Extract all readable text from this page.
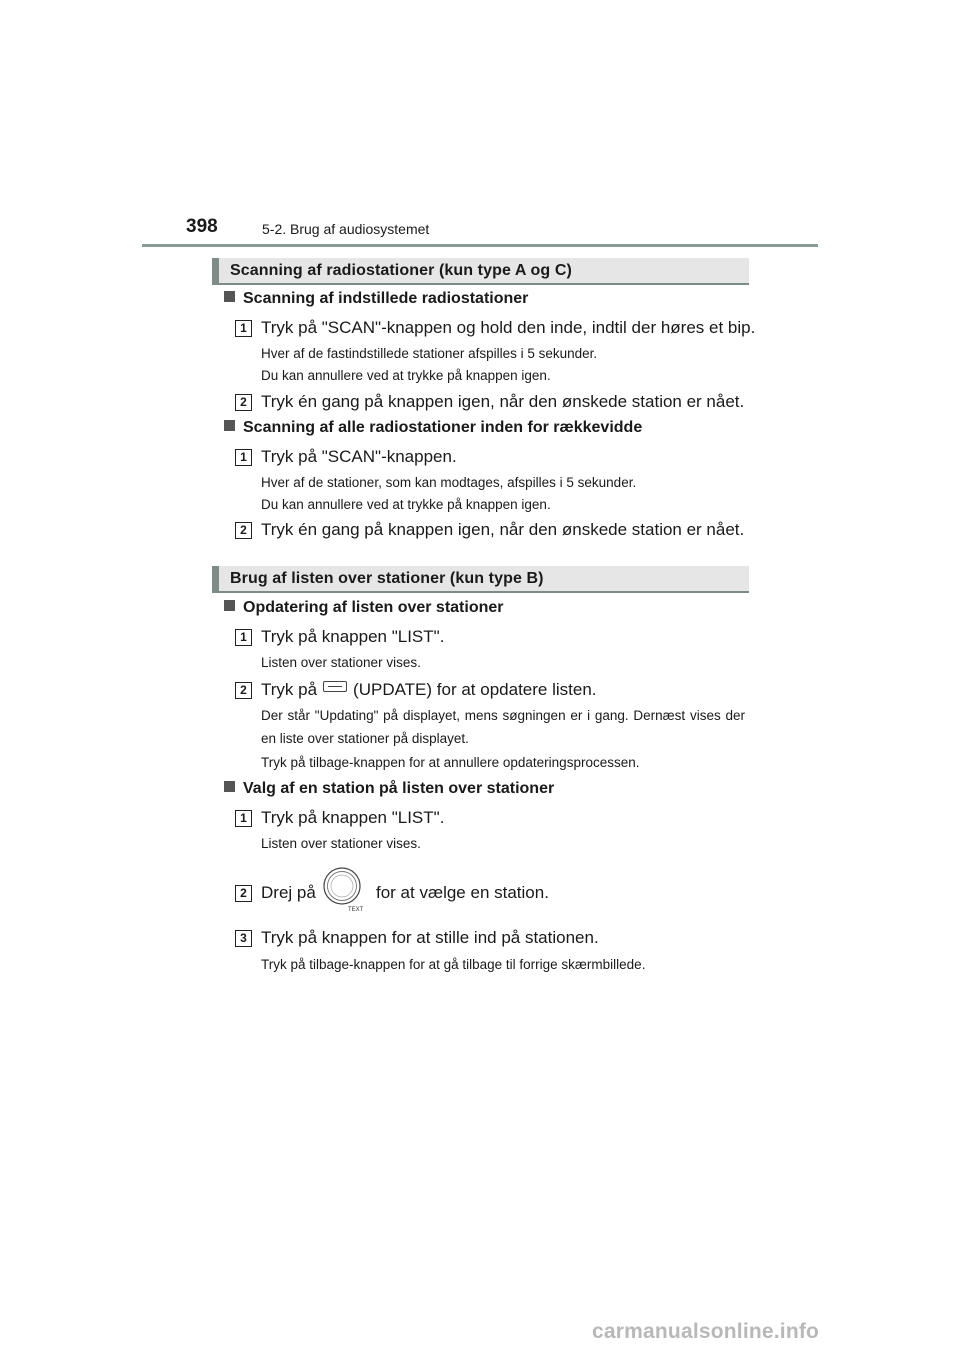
398	5-2. Brug af audiosystemet
Scanning af radiostationer (kun type A og C)
Scanning af indstillede radiostationer
1 Tryk på "SCAN"-knappen og hold den inde, indtil der høres et bip.
Hver af de fastindstillede stationer afspilles i 5 sekunder.
Du kan annullere ved at trykke på knappen igen.
2 Tryk én gang på knappen igen, når den ønskede station er nået.
Scanning af alle radiostationer inden for rækkevidde
1 Tryk på "SCAN"-knappen.
Hver af de stationer, som kan modtages, afspilles i 5 sekunder.
Du kan annullere ved at trykke på knappen igen.
2 Tryk én gang på knappen igen, når den ønskede station er nået.
Brug af listen over stationer (kun type B)
Opdatering af listen over stationer
1 Tryk på knappen "LIST".
Listen over stationer vises.
2 Tryk på (UPDATE) for at opdatere listen.
Der står "Updating" på displayet, mens søgningen er i gang. Dernæst vises der en liste over stationer på displayet.
Tryk på tilbage-knappen for at annullere opdateringsprocessen.
Valg af en station på listen over stationer
1 Tryk på knappen "LIST".
Listen over stationer vises.
2 Drej på
TEXT
for at vælge en station.
3 Tryk på knappen for at stille ind på stationen.
Tryk på tilbage-knappen for at gå tilbage til forrige skærmbillede.
carmanualsonline.info
